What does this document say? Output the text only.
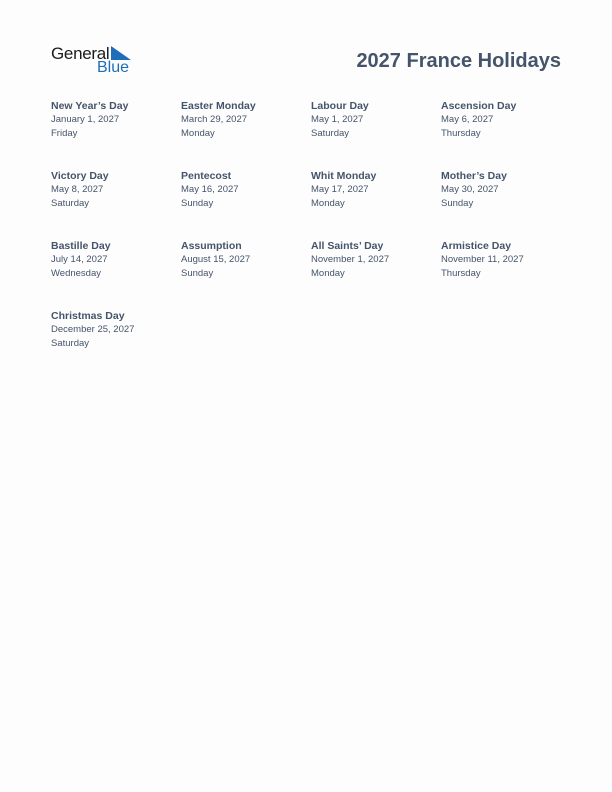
General
Blue	2027 France Holidays
New Year’s Day
January 1, 2027
Friday
Easter Monday
March 29, 2027
Monday
Labour Day
May 1, 2027
Saturday
Ascension Day
May 6, 2027
Thursday
Victory Day
May 8, 2027
Saturday
Pentecost
May 16, 2027
Sunday
Whit Monday
May 17, 2027
Monday
Mother’s Day
May 30, 2027
Sunday
Bastille Day
July 14, 2027
Wednesday
Assumption
August 15, 2027
Sunday
All Saints’ Day
November 1, 2027
Monday
Armistice Day
November 11, 2027
Thursday
Christmas Day
December 25, 2027
Saturday
